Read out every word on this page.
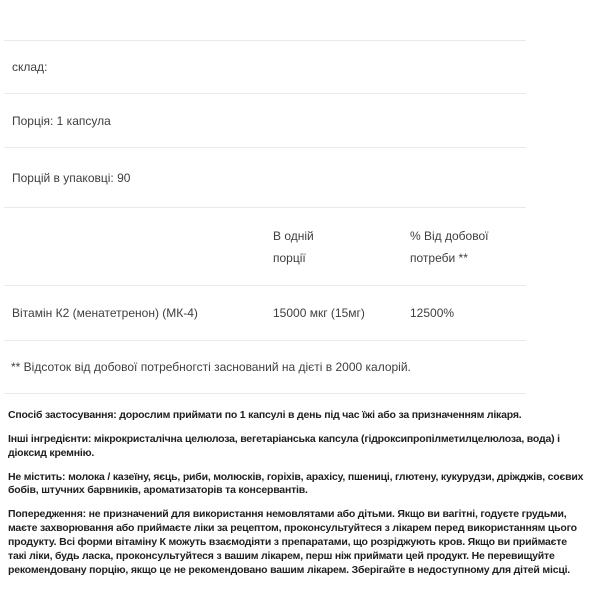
склад:
Порція: 1 капсула
Порцій в упаковці: 90
В одній
порції
% Від добової
потреби **
Вітамін К2 (менатетренон) (МК-4)	15000 мкг (15мг)	12500%
** Відсоток від добової потребногсті заснований на дієті в 2000 калорій.

Спосіб застосування: дорослим приймати по 1 капсулі в день під час їжі або за призначенням лікаря.

Інші інгредієнти: мікрокристалічна целюлоза, вегетаріанська капсула (гідроксипропілметилцелюлоза, вода) і діоксид кремнію.

Не містить: молока / казеїну, яєць, риби, молюсків, горіхів, арахісу, пшениці, глютену, кукурудзи, дріжджів, соєвих бобів, штучних барвників, ароматизаторів та консервантів.

Попередження: не призначений для використання немовлятами або дітьми. Якщо ви вагітні, годуєте грудьми, маєте захворювання або приймаєте ліки за рецептом, проконсультуйтеся з лікарем перед використанням цього продукту. Всі форми вітаміну К можуть взаємодіяти з препаратами, що розріджують кров. Якщо ви приймаєте такі ліки, будь ласка, проконсультуйтеся з вашим лікарем, перш ніж приймати цей продукт. Не перевищуйте рекомендовану порцію, якщо це не рекомендовано вашим лікарем. Зберігайте в недоступному для дітей місці.
